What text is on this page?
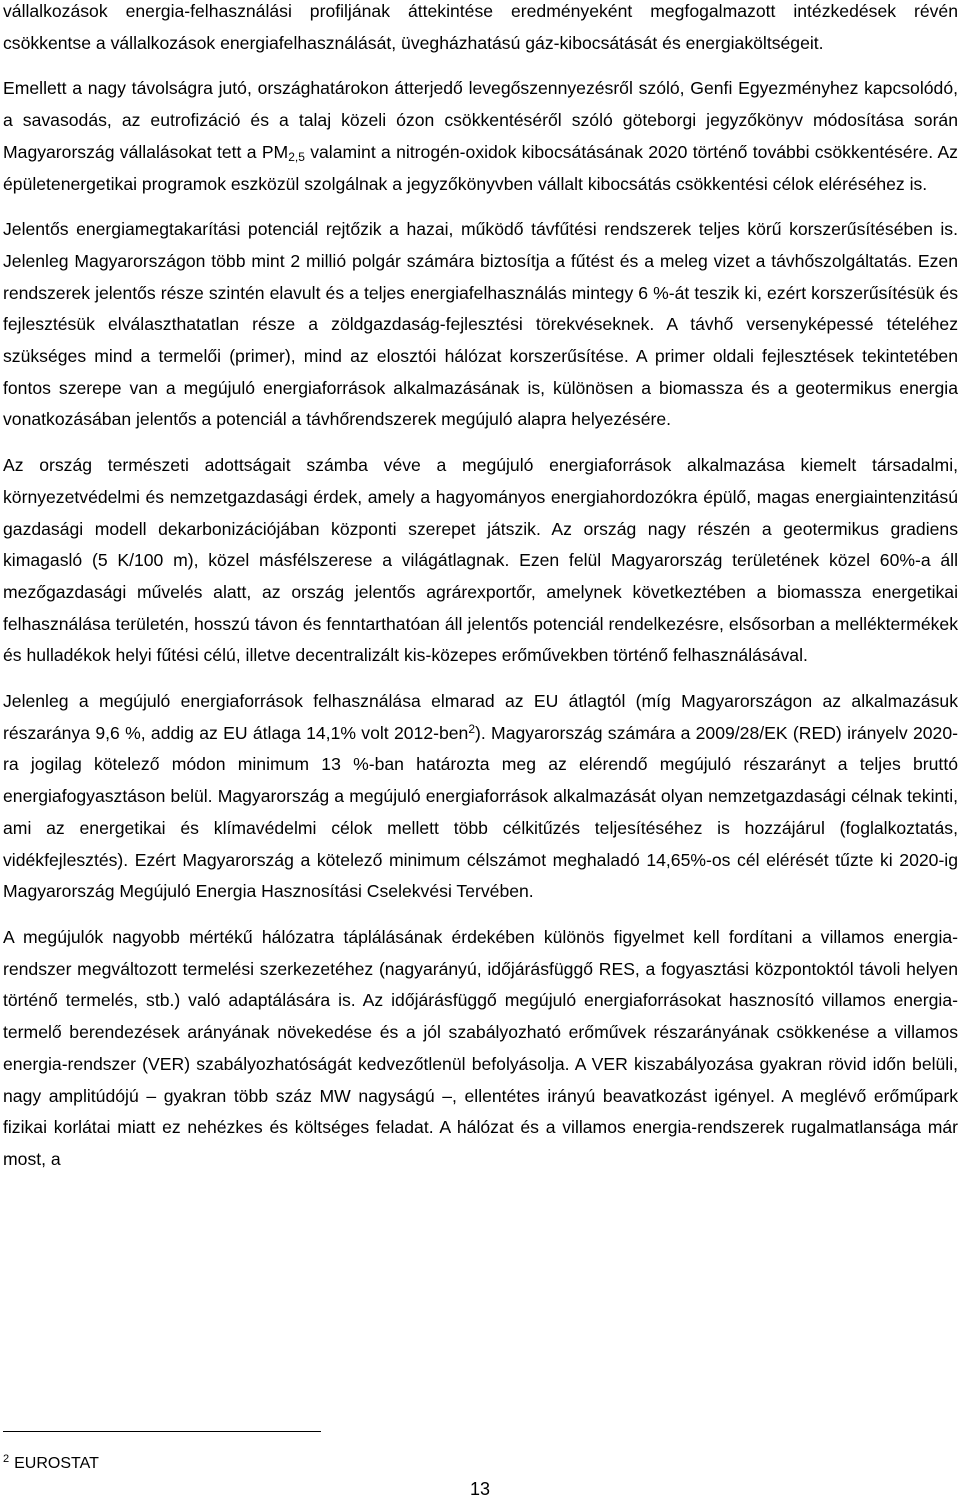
vállalkozások energia-felhasználási profiljának áttekintése eredményeként megfogalmazott intézkedések révén csökkentse a vállalkozások energiafelhasználását, üvegházhatású gáz-kibocsátását és energiaköltségeit.

Emellett a nagy távolságra jutó, országhatárokon átterjedő levegőszennyezésről szóló, Genfi Egyezményhez kapcsolódó, a savasodás, az eutrofizáció és a talaj közeli ózon csökkentéséről szóló göteborgi jegyzőkönyv módosítása során Magyarország vállalásokat tett a $PM_{2,5}$ valamint a nitrogén-oxidok kibocsátásának 2020 történő további csökkentésére. Az épületenergetikai programok eszközül szolgálnak a jegyzőkönyvben vállalt kibocsátás csökkentési célok eléréséhez is.

Jelentős energiamegtakarítási potenciál rejtőzik a hazai, működő távfűtési rendszerek teljes körű korszerűsítésében is. Jelenleg Magyarországon több mint 2 millió polgár számára biztosítja a fűtést és a meleg vizet a távhőszolgáltatás. Ezen rendszerek jelentős része szintén elavult és a teljes energiafelhasználás mintegy 6 %-át teszik ki, ezért korszerűsítésük és fejlesztésük elválaszthatatlan része a zöldgazdaság-fejlesztési törekvéseknek. A távhő versenyképessé tételéhez szükséges mind a termelői (primer), mind az elosztói hálózat korszerűsítése. A primer oldali fejlesztések tekintetében fontos szerepe van a megújuló energiaforrások alkalmazásának is, különösen a biomassza és a geotermikus energia vonatkozásában jelentős a potenciál a távhőrendszerek megújuló alapra helyezésére.

Az ország természeti adottságait számba véve a megújuló energiaforrások alkalmazása kiemelt társadalmi, környezetvédelmi és nemzetgazdasági érdek, amely a hagyományos energiahordozókra épülő, magas energiaintenzitású gazdasági modell dekarbonizációjában központi szerepet játszik. Az ország nagy részén a geotermikus gradiens kimagasló (5 K/100 m), közel másfélszerese a világátlagnak. Ezen felül Magyarország területének közel 60%-a áll mezőgazdasági művelés alatt, az ország jelentős agrárexportőr, amelynek következtében a biomassza energetikai felhasználása területén, hosszú távon és fenntarthatóan áll jelentős potenciál rendelkezésre, elsősorban a melléktermékek és hulladékok helyi fűtési célú, illetve decentralizált kis-közepes erőművekben történő felhasználásával.

Jelenleg a megújuló energiaforrások felhasználása elmarad az EU átlagtól (míg Magyarországon az alkalmazásuk részaránya 9,6 %, addig az EU átlaga 14,1% volt 2012-ben$^2$). Magyarország számára a 2009/28/EK (RED) irányelv 2020-ra jogilag kötelező módon minimum 13 %-ban határozta meg az elérendő megújuló részarányt a teljes bruttó energiafogyasztáson belül. Magyarország a megújuló energiaforrások alkalmazását olyan nemzetgazdasági célnak tekinti, ami az energetikai és klímavédelmi célok mellett több célkitűzés teljesítéséhez is hozzájárul (foglalkoztatás, vidékfejlesztés). Ezért Magyarország a kötelező minimum célszámot meghaladó 14,65%-os cél elérését tűzte ki 2020-ig Magyarország Megújuló Energia Hasznosítási Cselekvési Tervében.

A megújulók nagyobb mértékű hálózatra táplálásának érdekében különös figyelmet kell fordítani a villamos energia-rendszer megváltozott termelési szerkezetéhez (nagyarányú, időjárásfüggő RES, a fogyasztási központoktól távoli helyen történő termelés, stb.) való adaptálására is. Az időjárásfüggő megújuló energiaforrásokat hasznosító villamos energia-termelő berendezések arányának növekedése és a jól szabályozható erőművek részarányának csökkenése a villamos energia-rendszer (VER) szabályozhatóságát kedvezőtlenül befolyásolja. A VER kiszabályozása gyakran rövid időn belüli, nagy amplitúdójú – gyakran több száz MW nagyságú –, ellentétes irányú beavatkozást igényel. A meglévő erőműpark fizikai korlátai miatt ez nehézkes és költséges feladat. A hálózat és a villamos energia-rendszerek rugalmatlansága már most, a

$^2$ EUROSTAT
13
